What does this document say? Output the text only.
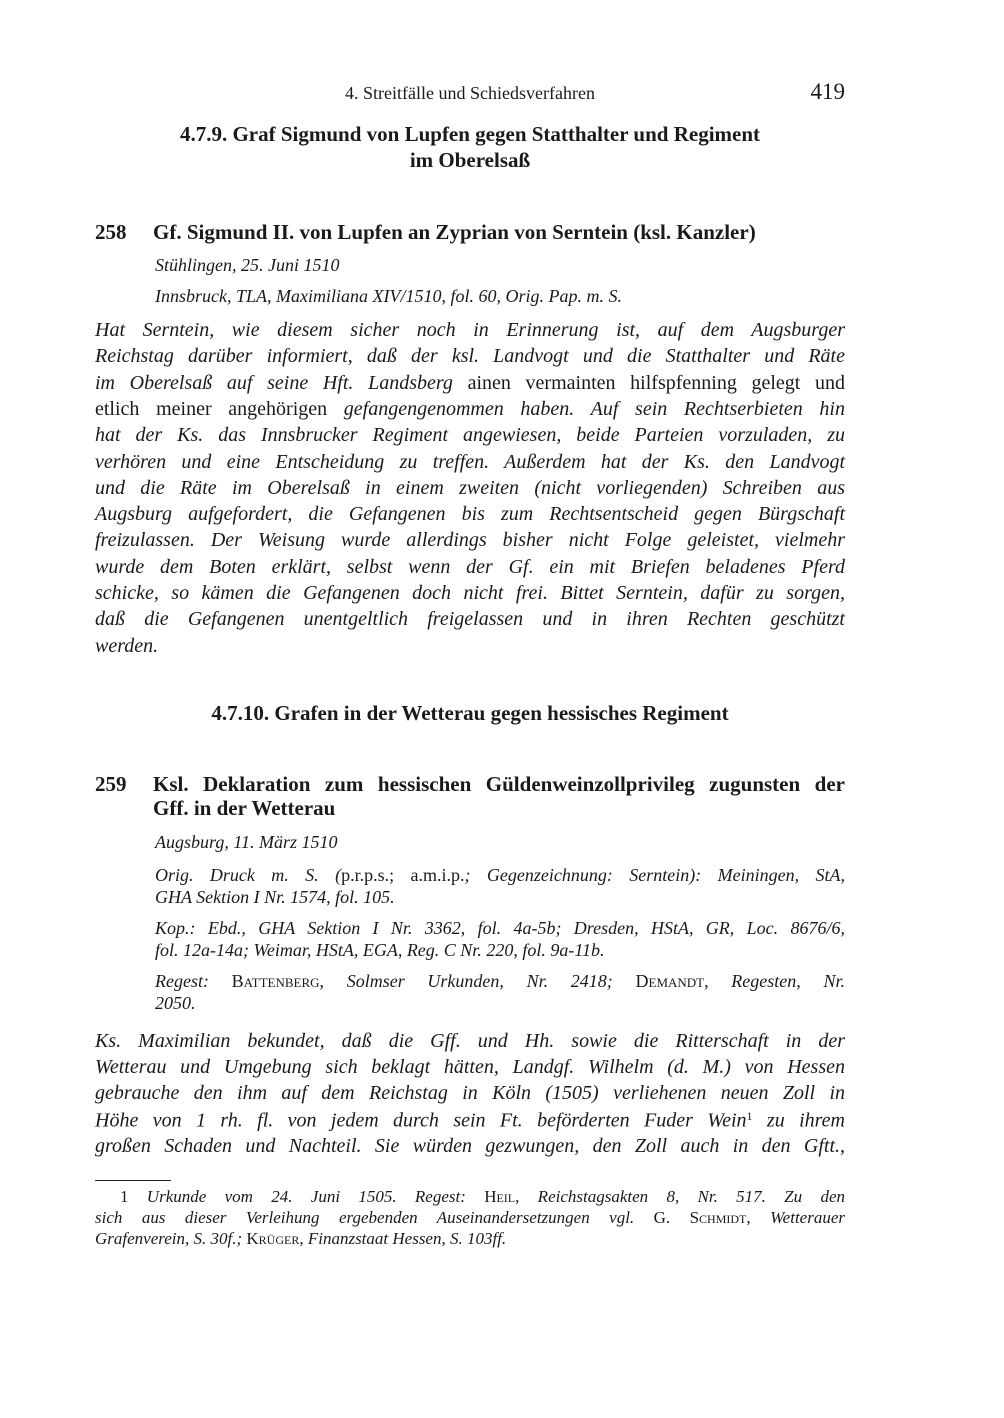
4. Streitfälle und Schiedsverfahren	419
4.7.9. Graf Sigmund von Lupfen gegen Statthalter und Regiment
im Oberelsaß
258 Gf. Sigmund II. von Lupfen an Zyprian von Serntein (ksl. Kanzler)
Stühlingen, 25. Juni 1510
Innsbruck, TLA, Maximiliana XIV/1510, fol. 60, Orig. Pap. m. S.
Hat Serntein, wie diesem sicher noch in Erinnerung ist, auf dem Augsburger
Reichstag darüber informiert, daß der ksl. Landvogt und die Statthalter und Räte
im Oberelsaß auf seine Hft. Landsberg ainen vermainten hilfspfenning gelegt und
etlich meiner angehörigen gefangengenommen haben. Auf sein Rechtserbieten hin
hat der Ks. das Innsbrucker Regiment angewiesen, beide Parteien vorzuladen, zu
verhören und eine Entscheidung zu treffen. Außerdem hat der Ks. den Landvogt
und die Räte im Oberelsaß in einem zweiten (nicht vorliegenden) Schreiben aus
Augsburg aufgefordert, die Gefangenen bis zum Rechtsentscheid gegen Bürgschaft
freizulassen. Der Weisung wurde allerdings bisher nicht Folge geleistet, vielmehr
wurde dem Boten erklärt, selbst wenn der Gf. ein mit Briefen beladenes Pferd
schicke, so kämen die Gefangenen doch nicht frei. Bittet Serntein, dafür zu sorgen,
daß die Gefangenen unentgeltlich freigelassen und in ihren Rechten geschützt
werden.
4.7.10. Grafen in der Wetterau gegen hessisches Regiment
259 Ksl. Deklaration zum hessischen Güldenweinzollprivileg zugunsten der
Gff. in der Wetterau
Augsburg, 11. März 1510
Orig. Druck m. S. (p.r.p.s.; a.m.i.p.; Gegenzeichnung: Serntein): Meiningen, StA,
GHA Sektion I Nr. 1574, fol. 105.
Kop.: Ebd., GHA Sektion I Nr. 3362, fol. 4a-5b; Dresden, HStA, GR, Loc. 8676/6,
fol. 12a-14a; Weimar, HStA, EGA, Reg. C Nr. 220, fol. 9a-11b.
Regest: Battenberg, Solmser Urkunden, Nr. 2418; Demandt, Regesten, Nr.
2050.
Ks. Maximilian bekundet, daß die Gff. und Hh. sowie die Ritterschaft in der
Wetterau und Umgebung sich beklagt hätten, Landgf. Wilhelm (d. M.) von Hessen
gebrauche den ihm auf dem Reichstag in Köln (1505) verliehenen neuen Zoll in
Höhe von 1 rh. fl. von jedem durch sein Ft. beförderten Fuder Wein$^1$ zu ihrem
großen Schaden und Nachteil. Sie würden gezwungen, den Zoll auch in den Gftt.,
1 Urkunde vom 24. Juni 1505. Regest: Heil, Reichstagsakten 8, Nr. 517. Zu den
sich aus dieser Verleihung ergebenden Auseinandersetzungen vgl. G. Schmidt, Wetterauer
Grafenverein, S. 30f.; Krüger, Finanzstaat Hessen, S. 103ff.
